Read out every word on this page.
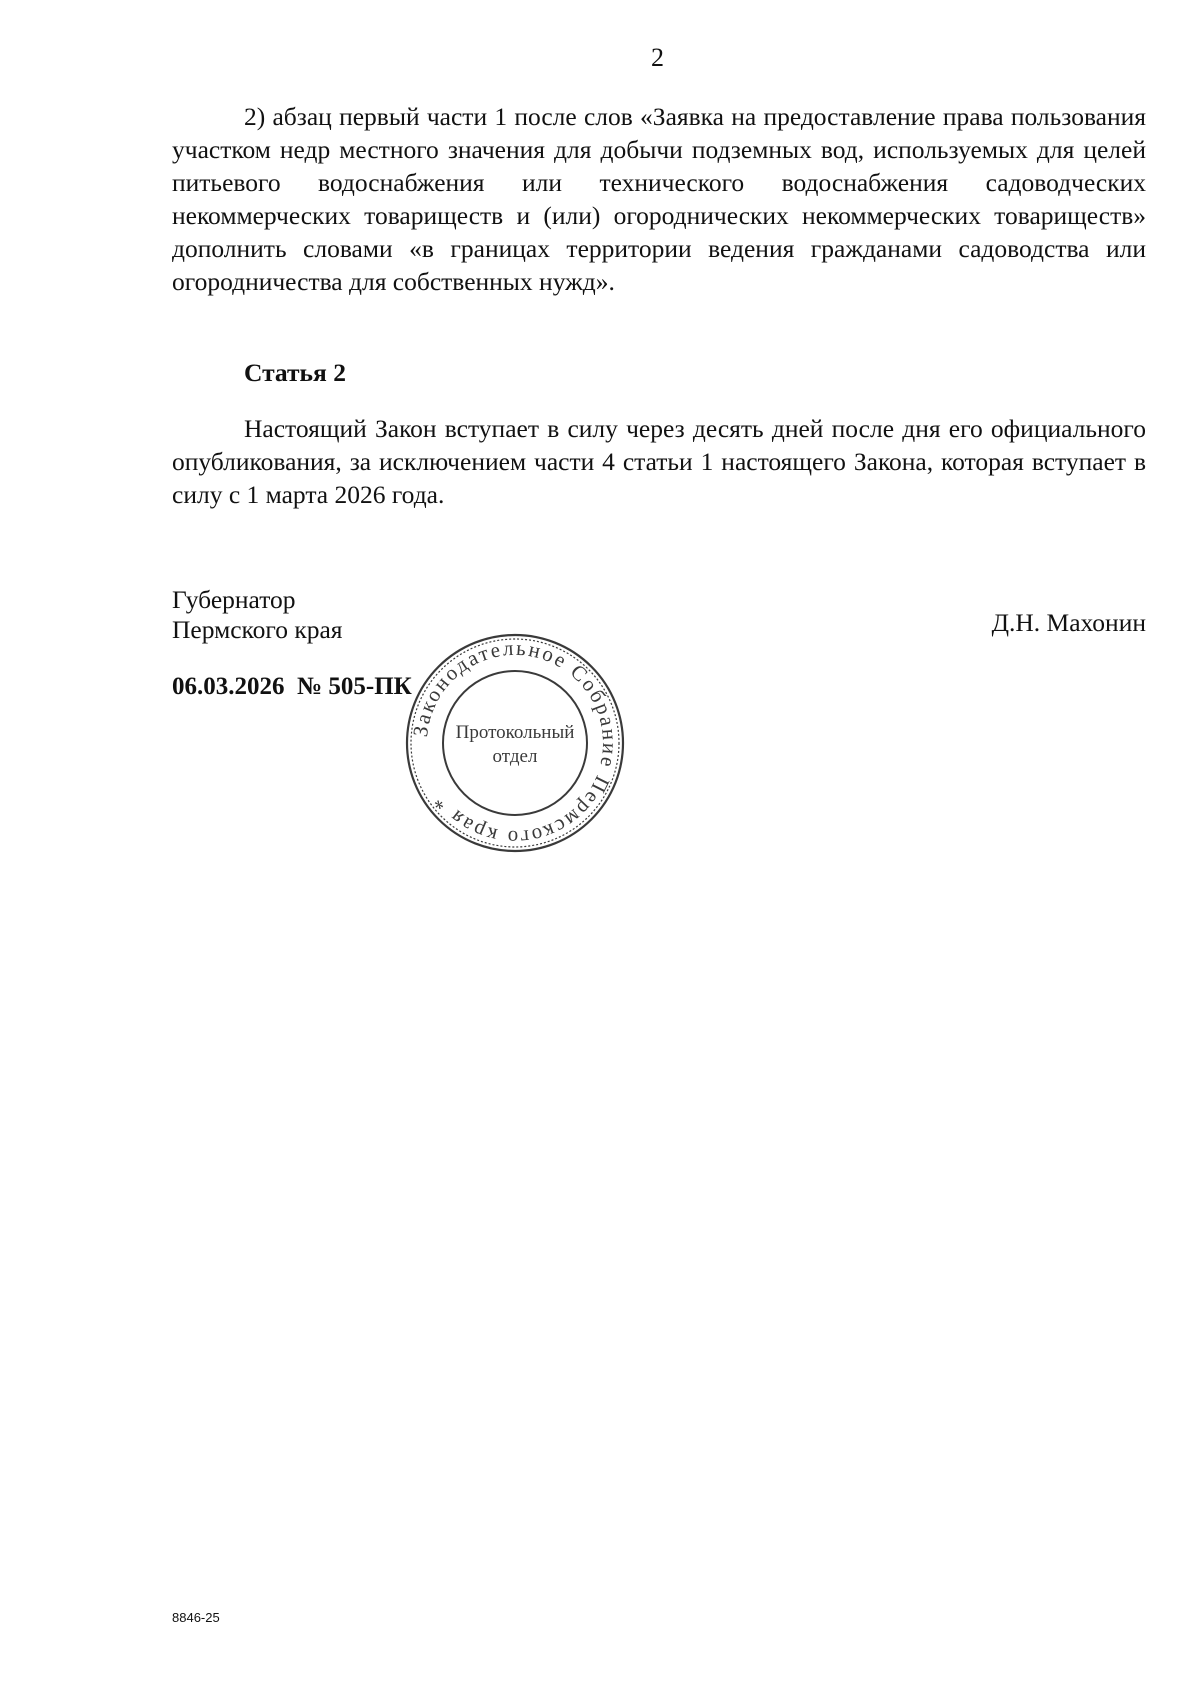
2

2) абзац первый части 1 после слов «Заявка на предоставление права пользования участком недр местного значения для добычи подземных вод, используемых для целей питьевого водоснабжения или технического водоснабжения садоводческих некоммерческих товариществ и (или) огороднических некоммерческих товариществ» дополнить словами «в границах территории ведения гражданами садоводства или огородничества для собственных нужд».

Статья 2

Настоящий Закон вступает в силу через десять дней после дня его официального опубликования, за исключением части 4 статьи 1 настоящего Закона, которая вступает в силу с 1 марта 2026 года.

Губернатор
Пермского края	Д.Н. Махонин
06.03.2026  № 505-ПК
Законодательное Собрание Пермского края *
Протокольный
отдел
8846-25
